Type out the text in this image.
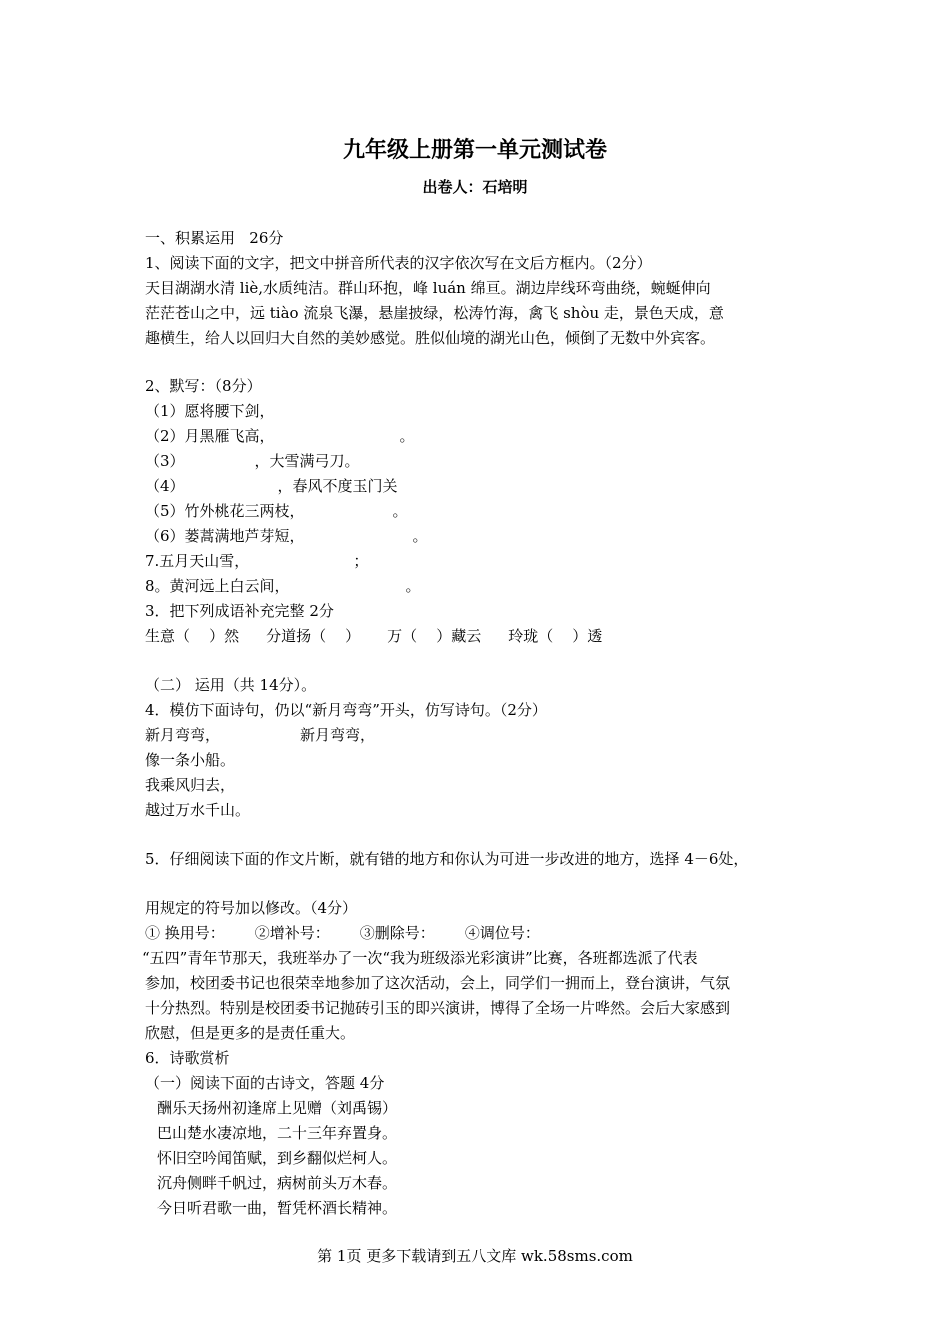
九年级上册第一单元测试卷
出卷人：石培明
一、积累运用   26分
1、阅读下面的文字，把文中拼音所代表的汉字依次写在文后方框内。（2分）
天目湖湖水清 liè,水质纯洁。群山环抱，峰 luán 绵亘。湖边岸线环弯曲绕，蜿蜒伸向
茫茫苍山之中，远 tiào 流泉飞瀑，悬崖披绿，松涛竹海，禽飞 shòu 走，景色天成，意
趣横生，给人以回归大自然的美妙感觉。胜似仙境的湖光山色，倾倒了无数中外宾客。
2、默写：（8分）
（1）愿将腰下剑，
（2）月黑雁飞高，	。
（3）	，大雪满弓刀。
（4）	，春风不度玉门关
（5）竹外桃花三两枝，	。
（6）蒌蒿满地芦芽短，	。
7.五月天山雪，	；
8。黄河远上白云间，	。
3．把下列成语补充完整 2分
生意（    ）然 分道扬（    ） 万（    ）藏云 玲珑（    ）透
（二） 运用（共 14分）。
4．模仿下面诗句，仍以“新月弯弯”开头，仿写诗句。（2分）
新月弯弯，	新月弯弯，
像一条小船。
我乘风归去，
越过万水千山。
5．仔细阅读下面的作文片断，就有错的地方和你认为可进一步改进的地方，选择 4－6处，
用规定的符号加以修改。（4分）
① 换用号： ②增补号： ③删除号： ④调位号：
“五四”青年节那天，我班举办了一次“我为班级添光彩演讲”比赛，各班都选派了代表
参加，校团委书记也很荣幸地参加了这次活动，会上，同学们一拥而上，登台演讲，气氛
十分热烈。特别是校团委书记抛砖引玉的即兴演讲，博得了全场一片哗然。会后大家感到
欣慰，但是更多的是责任重大。
6．诗歌赏析
（一）阅读下面的古诗文，答题 4分
酬乐天扬州初逢席上见赠（刘禹锡）
巴山楚水凄凉地，二十三年弃置身。
怀旧空吟闻笛赋，到乡翻似烂柯人。
沉舟侧畔千帆过，病树前头万木春。
今日听君歌一曲，暂凭杯酒长精神。
第 1页 更多下载请到五八文库 wk.58sms.com
